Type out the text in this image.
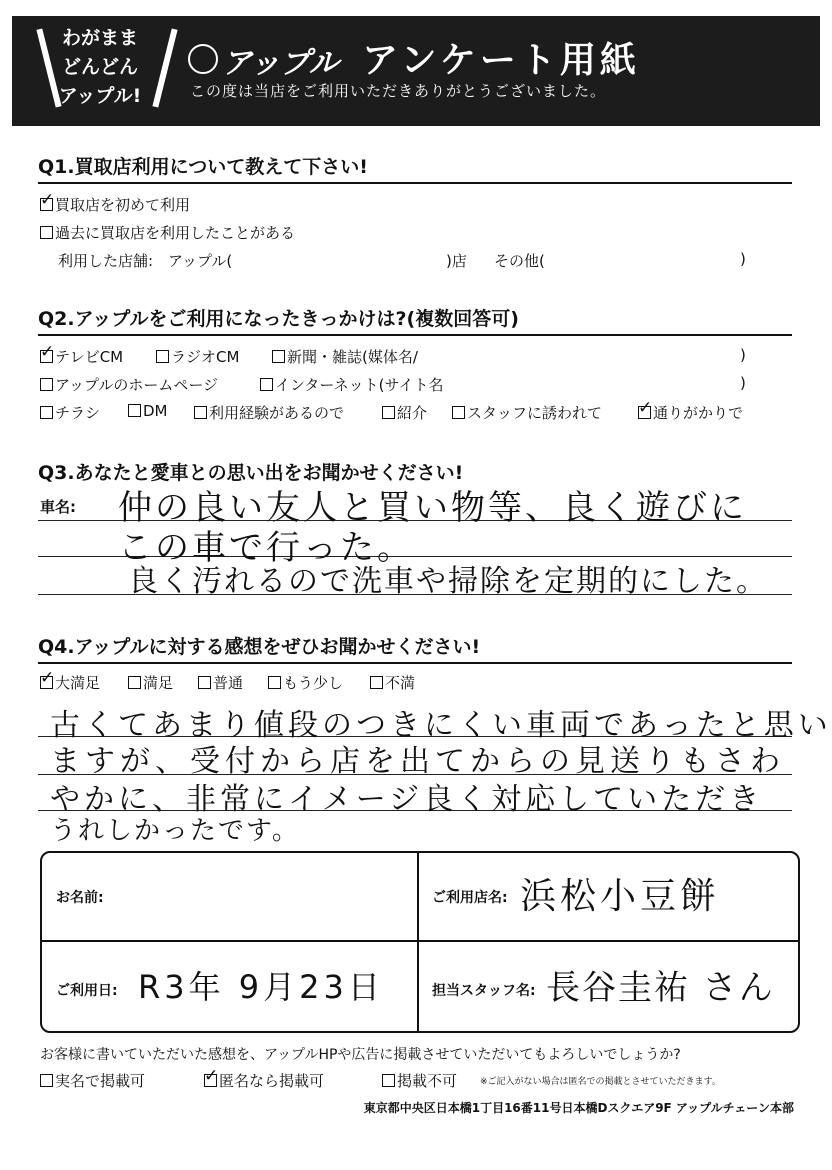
わがまま
どんどん
アップル!
アップル アンケート用紙
この度は当店をご利用いただきありがとうございました。
Q1.買取店利用について教えて下さい!
✓買取店を初めて利用
過去に買取店を利用したことがある
利用した店舗:　アップル(	)店 その他(	)
Q2.アップルをご利用になったきっかけは?(複数回答可)
✓テレビCM	ラジオCM	新聞・雑誌(媒体名/	)
アップルのホームページ	インターネット(サイト名	)
チラシ	DM	利用経験があるので	紹介	スタッフに誘われて ✓	通りがかりで
Q3.あなたと愛車との思い出をお聞かせください!
車名: 仲の良い友人と買い物等、良く遊びに
この車で行った。
良く汚れるので洗車や掃除を定期的にした。
Q4.アップルに対する感想をぜひお聞かせください!
✓大満足	満足	普通	もう少し	不満
古くてあまり値段のつきにくい車両であったと思い
ますが、受付から店を出てからの見送りもさわ
やかに、非常にイメージ良く対応していただき
うれしかったです。
お名前:	ご利用店名: 浜松小豆餅
ご利用日: R3年 9月23日	担当スタッフ名: 長谷圭祐 さん
お客様に書いていただいた感想を、アップルHPや広告に掲載させていただいてもよろしいでしょうか?
実名で掲載可 ✓	匿名なら掲載可	掲載不可	※ご記入がない場合は匿名での掲載とさせていただきます。
東京都中央区日本橋1丁目16番11号日本橋Dスクエア9F アップルチェーン本部
